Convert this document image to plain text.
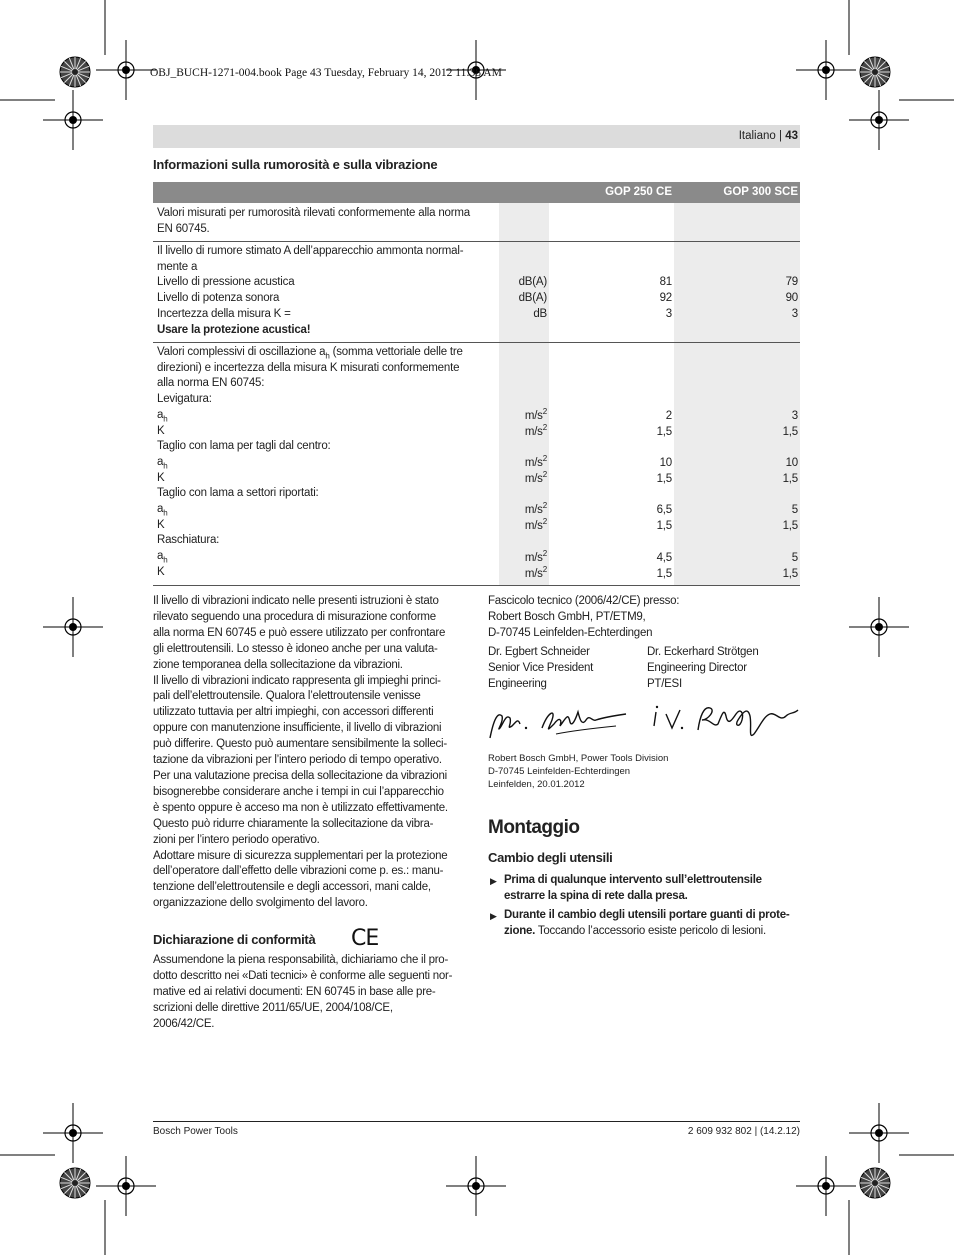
OBJ_BUCH-1271-004.book Page 43 Tuesday, February 14, 2012 11:38 AM
Italiano | 43
Informazioni sulla rumorosità e sulla vibrazione
GOP 250 CE	GOP 300 SCE
Valori misurati per rumorosità rilevati conformemente alla norma
EN 60745.
Il livello di rumore stimato A dell’apparecchio ammonta normal-
mente a
Livello di pressione acustica
Livello di potenza sonora
Incertezza della misura K =
Usare la protezione acustica!
dB(A)
dB(A)
dB
81
92
3
79
90
3
Valori complessivi di oscillazione $a_h$ (somma vettoriale delle tre
direzioni) e incertezza della misura K misurati conformemente
alla norma EN 60745:
Levigatura:
$a_h$
K
Taglio con lama per tagli dal centro:
$a_h$
K
Taglio con lama a settori riportati:
$a_h$
K
Raschiatura:
$a_h$
K
$m/s^2$
$m/s^2$
2
1,5
3
1,5
$m/s^2$
$m/s^2$
10
1,5
10
1,5
$m/s^2$
$m/s^2$
6,5
1,5
5
1,5
$m/s^2$
$m/s^2$
4,5
1,5
5
1,5
Il livello di vibrazioni indicato nelle presenti istruzioni è stato
rilevato seguendo una procedura di misurazione conforme
alla norma EN 60745 e può essere utilizzato per confrontare
gli elettroutensili. Lo stesso è idoneo anche per una valuta-
zione temporanea della sollecitazione da vibrazioni.
Il livello di vibrazioni indicato rappresenta gli impieghi princi-
pali dell’elettroutensile. Qualora l’elettroutensile venisse
utilizzato tuttavia per altri impieghi, con accessori differenti
oppure con manutenzione insufficiente, il livello di vibrazioni
può differire. Questo può aumentare sensibilmente la solleci-
tazione da vibrazioni per l’intero periodo di tempo operativo.
Per una valutazione precisa della sollecitazione da vibrazioni
bisognerebbe considerare anche i tempi in cui l’apparecchio
è spento oppure è acceso ma non è utilizzato effettivamente.
Questo può ridurre chiaramente la sollecitazione da vibra-
zioni per l’intero periodo operativo.
Adottare misure di sicurezza supplementari per la protezione
dell’operatore dall’effetto delle vibrazioni come p. es.: manu-
tenzione dell’elettroutensile e degli accessori, mani calde,
organizzazione dello svolgimento del lavoro.
Dichiarazione di conformità CE
Assumendone la piena responsabilità, dichiariamo che il pro-
dotto descritto nei «Dati tecnici» è conforme alle seguenti nor-
mative ed ai relativi documenti: EN 60745 in base alle pre-
scrizioni delle direttive 2011/65/UE, 2004/108/CE,
2006/42/CE.
Fascicolo tecnico (2006/42/CE) presso:
Robert Bosch GmbH, PT/ETM9,
D-70745 Leinfelden-Echterdingen
Dr. Egbert Schneider
Senior Vice President
Engineering
Dr. Eckerhard Strötgen
Engineering Director
PT/ESI
Robert Bosch GmbH, Power Tools Division
D-70745 Leinfelden-Echterdingen
Leinfelden, 20.01.2012
Montaggio
Cambio degli utensili
▶ Prima di qualunque intervento sull’elettroutensile
estrarre la spina di rete dalla presa.
▶ Durante il cambio degli utensili portare guanti di prote-
zione. Toccando l’accessorio esiste pericolo di lesioni.
Bosch Power Tools	2 609 932 802 | (14.2.12)
